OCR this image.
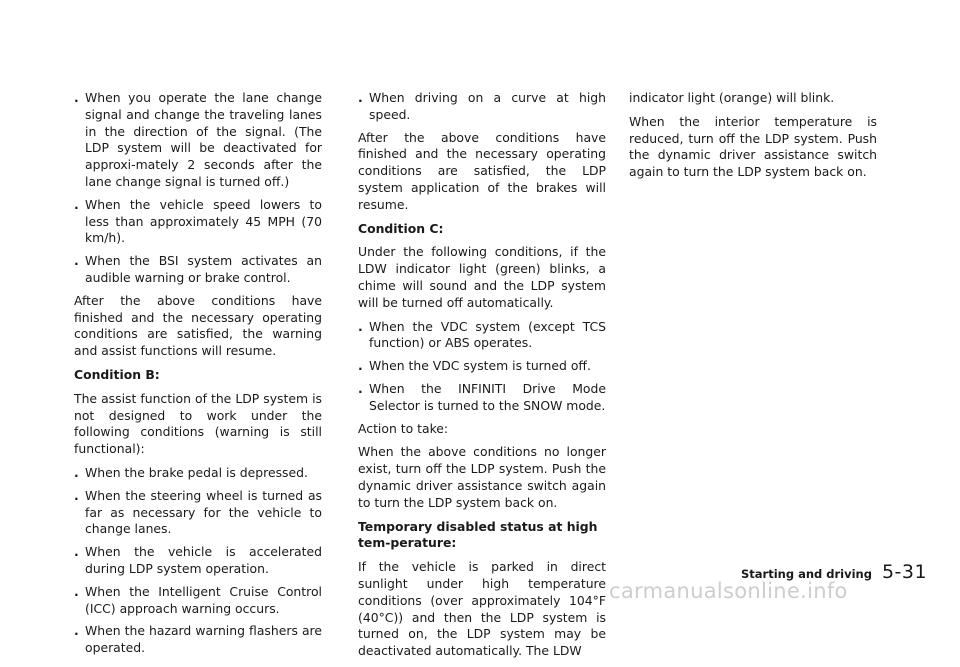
. When you operate the lane change signal and change the traveling lanes in the direction of the signal. (The LDP system will be deactivated for approxi-mately 2 seconds after the lane change signal is turned off.)
. When the vehicle speed lowers to less than approximately 45 MPH (70 km/h).
. When the BSI system activates an audible warning or brake control.
After the above conditions have finished and the necessary operating conditions are satisfied, the warning and assist functions will resume.
Condition B:
The assist function of the LDP system is not designed to work under the following conditions (warning is still functional):
. When the brake pedal is depressed.
. When the steering wheel is turned as far as necessary for the vehicle to change lanes.
. When the vehicle is accelerated during LDP system operation.
. When the Intelligent Cruise Control (ICC) approach warning occurs.
. When the hazard warning flashers are operated.
. When driving on a curve at high speed.
After the above conditions have finished and the necessary operating conditions are satisfied, the LDP system application of the brakes will resume.
Condition C:
Under the following conditions, if the LDW indicator light (green) blinks, a chime will sound and the LDP system will be turned off automatically.
. When the VDC system (except TCS function) or ABS operates.
. When the VDC system is turned off.
. When the INFINITI Drive Mode Selector is turned to the SNOW mode.
Action to take:
When the above conditions no longer exist, turn off the LDP system. Push the dynamic driver assistance switch again to turn the LDP system back on.
Temporary disabled status at high tem-perature:
If the vehicle is parked in direct sunlight under high temperature conditions (over approximately 104°F (40°C)) and then the LDP system is turned on, the LDP system may be deactivated automatically. The LDW
indicator light (orange) will blink.
When the interior temperature is reduced, turn off the LDP system. Push the dynamic driver assistance switch again to turn the LDP system back on.
Starting and driving 5-31
carmanualsonline.info
